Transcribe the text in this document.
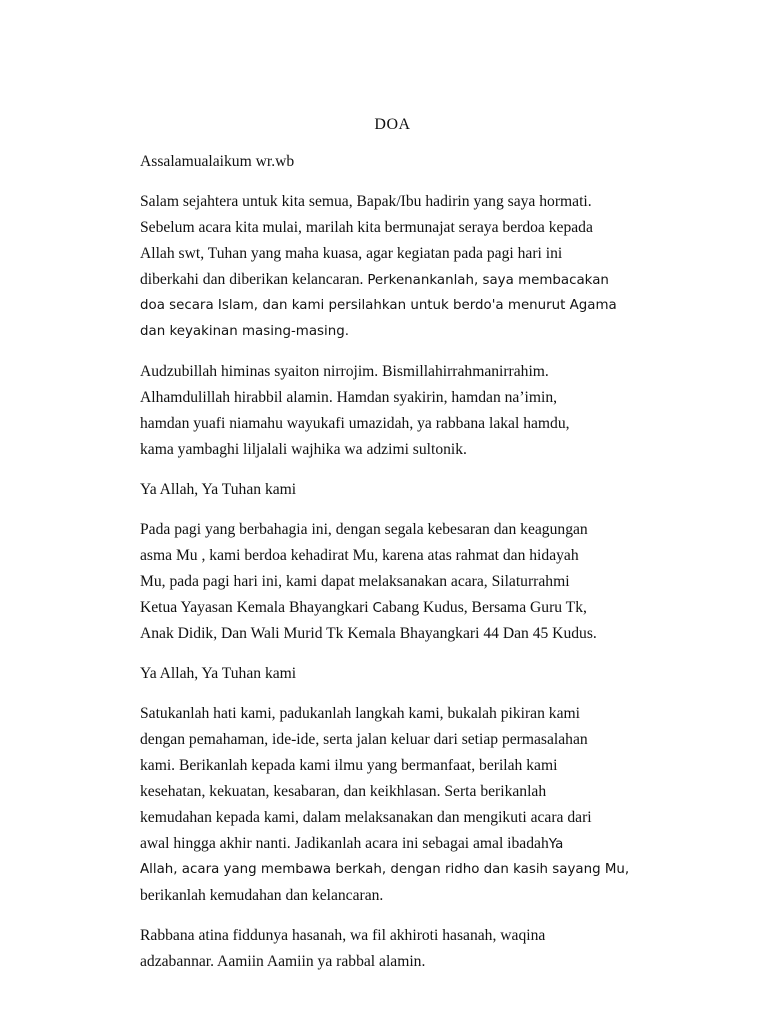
DOA

Assalamualaikum wr.wb

Salam sejahtera untuk kita semua, Bapak/Ibu hadirin yang saya hormati.
Sebelum acara kita mulai, marilah kita bermunajat seraya berdoa kepada
Allah swt, Tuhan yang maha kuasa, agar kegiatan pada pagi hari ini
diberkahi dan diberikan kelancaran. Perkenankanlah, saya membacakan
doa secara Islam, dan kami persilahkan untuk berdo'a menurut Agama
dan keyakinan masing-masing.

Audzubillah himinas syaiton nirrojim. Bismillahirrahmanirrahim.
Alhamdulillah hirabbil alamin. Hamdan syakirin, hamdan na’imin,
hamdan yuafi niamahu wayukafi umazidah, ya rabbana lakal hamdu,
kama yambaghi liljalali wajhika wa adzimi sultonik.

Ya Allah, Ya Tuhan kami

Pada pagi yang berbahagia ini, dengan segala kebesaran dan keagungan
asma Mu , kami berdoa kehadirat Mu, karena atas rahmat dan hidayah
Mu, pada pagi hari ini, kami dapat melaksanakan acara, Silaturrahmi
Ketua Yayasan Kemala Bhayangkari Cabang Kudus, Bersama Guru Tk,
Anak Didik, Dan Wali Murid Tk Kemala Bhayangkari 44 Dan 45 Kudus.

Ya Allah, Ya Tuhan kami

Satukanlah hati kami, padukanlah langkah kami, bukalah pikiran kami
dengan pemahaman, ide-ide, serta jalan keluar dari setiap permasalahan
kami. Berikanlah kepada kami ilmu yang bermanfaat, berilah kami
kesehatan, kekuatan, kesabaran, dan keikhlasan. Serta berikanlah
kemudahan kepada kami, dalam melaksanakan dan mengikuti acara dari
awal hingga akhir nanti. Jadikanlah acara ini sebagai amal ibadahYa
Allah, acara yang membawa berkah, dengan ridho dan kasih sayang Mu,
berikanlah kemudahan dan kelancaran.

Rabbana atina fiddunya hasanah, wa fil akhiroti hasanah, waqina
adzabannar. Aamiin Aamiin ya rabbal alamin.
